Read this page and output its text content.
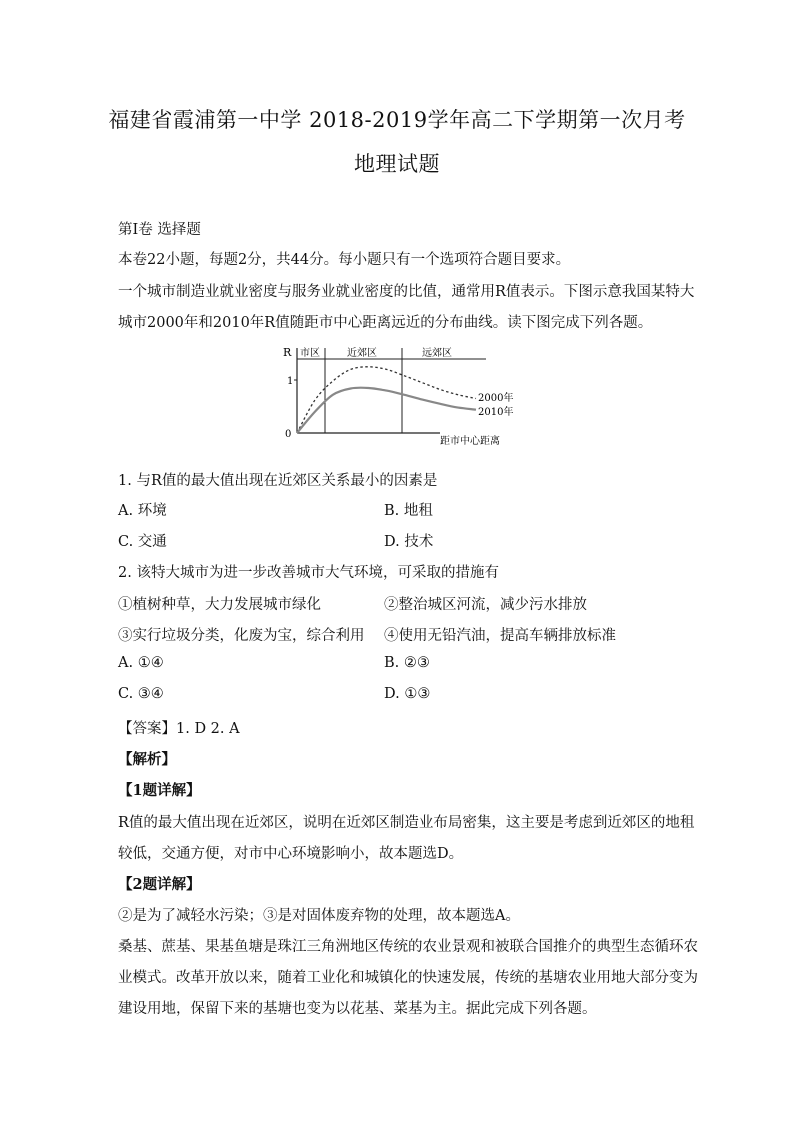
福建省霞浦第一中学 2018-2019学年高二下学期第一次月考
地理试题
第Ⅰ卷 选择题
本卷22小题，每题2分，共44分。每小题只有一个选项符合题目要求。
一个城市制造业就业密度与服务业就业密度的比值，通常用R值表示。下图示意我国某特大
城市2000年和2010年R值随距市中心距离远近的分布曲线。读下图完成下列各题。
R
1
0
市区	近郊区	远郊区
距市中心距离
2000年
2010年
1. 与R值的最大值出现在近郊区关系最小的因素是
A. 环境	B. 地租
C. 交通	D. 技术
2. 该特大城市为进一步改善城市大气环境，可采取的措施有
①植树种草，大力发展城市绿化	②整治城区河流，减少污水排放
③实行垃圾分类，化废为宝，综合利用 ④使用无铅汽油，提高车辆排放标准
A. ①④	B. ②③
C. ③④	D. ①③
【答案】1. D 2. A
【解析】
【1题详解】
R值的最大值出现在近郊区，说明在近郊区制造业布局密集，这主要是考虑到近郊区的地租
较低，交通方便，对市中心环境影响小，故本题选D。
【2题详解】
②是为了减轻水污染；③是对固体废弃物的处理，故本题选A。
桑基、蔗基、果基鱼塘是珠江三角洲地区传统的农业景观和被联合国推介的典型生态循环农
业模式。改革开放以来，随着工业化和城镇化的快速发展，传统的基塘农业用地大部分变为
建设用地，保留下来的基塘也变为以花基、菜基为主。据此完成下列各题。
